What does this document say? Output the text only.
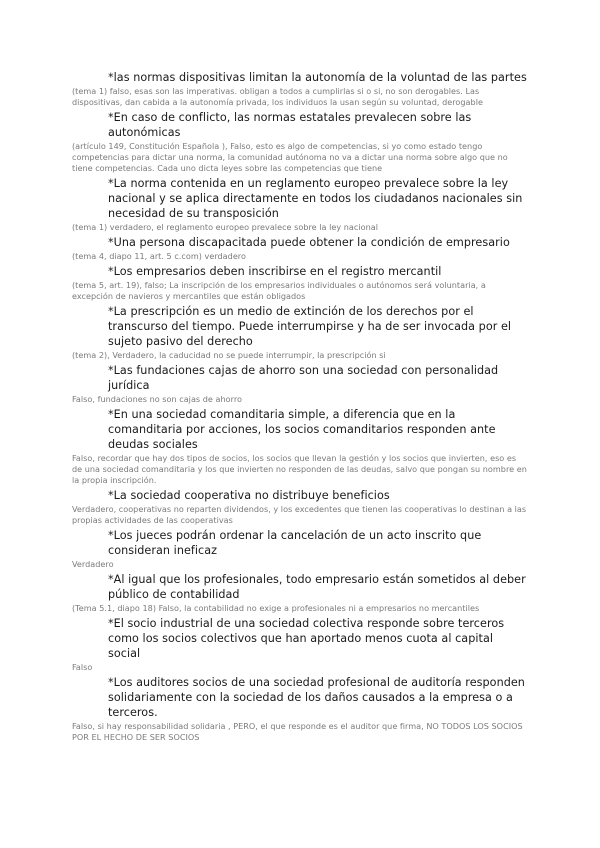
*las normas dispositivas limitan la autonomía de la voluntad de las partes

(tema 1) falso, esas son las imperativas. obligan a todos a cumplirlas si o si, no son derogables. Las dispositivas, dan cabida a la autonomía privada, los individuos la usan según su voluntad, derogable

*En caso de conflicto, las normas estatales prevalecen sobre las autonómicas

(artículo 149, Constitución Española ), Falso, esto es algo de competencias, si yo como estado tengo competencias para dictar una norma, la comunidad autónoma no va a dictar una norma sobre algo que no tiene competencias. Cada uno dicta leyes sobre las competencias que tiene

*La norma contenida en un reglamento europeo prevalece sobre la ley nacional y se aplica directamente en todos los ciudadanos nacionales sin necesidad de su transposición

(tema 1) verdadero, el reglamento europeo prevalece sobre la ley nacional

*Una persona discapacitada puede obtener la condición de empresario

(tema 4, diapo 11, art. 5 c.com) verdadero

*Los empresarios deben inscribirse en el registro mercantil

(tema 5, art. 19), falso; La inscripción de los empresarios individuales o autónomos será voluntaria, a excepción de navieros y mercantiles que están obligados

*La prescripción es un medio de extinción de los derechos por el transcurso del tiempo. Puede interrumpirse y ha de ser invocada por el sujeto pasivo del derecho

(tema 2), Verdadero, la caducidad no se puede interrumpir, la prescripción si

*Las fundaciones cajas de ahorro son una sociedad con personalidad jurídica

Falso, fundaciones no son cajas de ahorro

*En una sociedad comanditaria simple, a diferencia que en la comanditaria por acciones, los socios comanditarios responden ante deudas sociales

Falso, recordar que hay dos tipos de socios, los socios que llevan la gestión y los socios que invierten, eso es de una sociedad comanditaria y los que invierten no responden de las deudas, salvo que pongan su nombre en la propia inscripción.

*La sociedad cooperativa no distribuye beneficios

Verdadero, cooperativas no reparten dividendos, y los excedentes que tienen las cooperativas lo destinan a las propias actividades de las cooperativas

*Los jueces podrán ordenar la cancelación de un acto inscrito que consideran ineficaz

Verdadero

*Al igual que los profesionales, todo empresario están sometidos al deber público de contabilidad

(Tema 5.1, diapo 18) Falso, la contabilidad no exige a profesionales ni a empresarios no mercantiles

*El socio industrial de una sociedad colectiva responde sobre terceros como los socios colectivos que han aportado menos cuota al capital social

Falso

*Los auditores socios de una sociedad profesional de auditoría responden solidariamente con la sociedad de los daños causados a la empresa o a terceros.

Falso, si hay responsabilidad solidaria , PERO, el que responde es el auditor que firma, NO TODOS LOS SOCIOS POR EL HECHO DE SER SOCIOS
